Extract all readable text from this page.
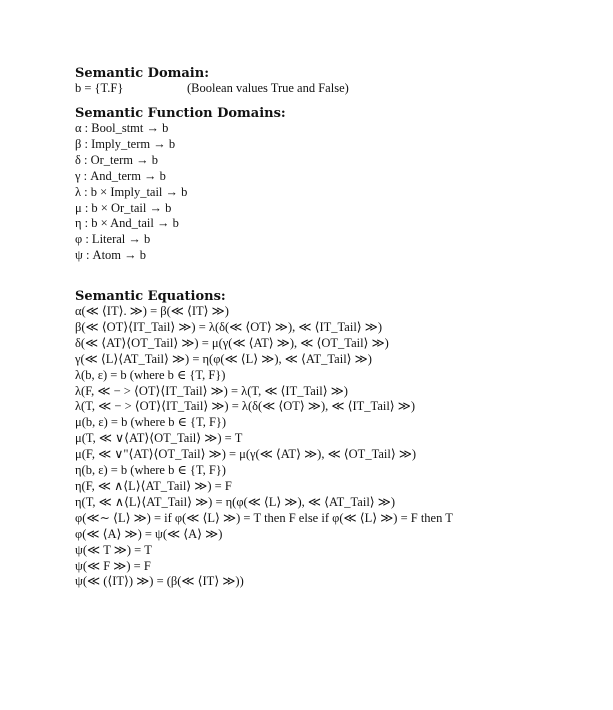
Semantic Domain:
b = {T.F}	(Boolean values True and False)
Semantic Function Domains:
α : Bool_stmt → b
β : Imply_term → b
δ : Or_term → b
γ : And_term → b
λ : b × Imply_tail → b
μ : b × Or_tail → b
η : b × And_tail → b
φ : Literal → b
ψ : Atom → b
Semantic Equations:
α(≪ ⟨IT⟩. ≫) = β(≪ ⟨IT⟩ ≫)
β(≪ ⟨OT⟩⟨IT_Tail⟩ ≫) = λ(δ(≪ ⟨OT⟩ ≫), ≪ ⟨IT_Tail⟩ ≫)
δ(≪ ⟨AT⟩⟨OT_Tail⟩ ≫) = μ(γ(≪ ⟨AT⟩ ≫), ≪ ⟨OT_Tail⟩ ≫)
γ(≪ ⟨L⟩⟨AT_Tail⟩ ≫) = η(φ(≪ ⟨L⟩ ≫), ≪ ⟨AT_Tail⟩ ≫)
λ(b, ε) = b (where b ∈ {T, F})
λ(F, ≪ − > ⟨OT⟩⟨IT_Tail⟩ ≫) = λ(T, ≪ ⟨IT_Tail⟩ ≫)
λ(T, ≪ − > ⟨OT⟩⟨IT_Tail⟩ ≫) = λ(δ(≪ ⟨OT⟩ ≫), ≪ ⟨IT_Tail⟩ ≫)
μ(b, ε) = b (where b ∈ {T, F})
μ(T, ≪ ∨⟨AT⟩⟨OT_Tail⟩ ≫) = T
μ(F, ≪ ∨"⟨AT⟩⟨OT_Tail⟩ ≫) = μ(γ(≪ ⟨AT⟩ ≫), ≪ ⟨OT_Tail⟩ ≫)
η(b, ε) = b (where b ∈ {T, F})
η(F, ≪ ∧⟨L⟩⟨AT_Tail⟩ ≫) = F
η(T, ≪ ∧⟨L⟩⟨AT_Tail⟩ ≫) = η(φ(≪ ⟨L⟩ ≫), ≪ ⟨AT_Tail⟩ ≫)
φ(≪∼ ⟨L⟩ ≫) = if φ(≪ ⟨L⟩ ≫) = T then F else if φ(≪ ⟨L⟩ ≫) = F then T
φ(≪ ⟨A⟩ ≫) = ψ(≪ ⟨A⟩ ≫)
ψ(≪ T ≫) = T
ψ(≪ F ≫) = F
ψ(≪ (⟨IT⟩) ≫) = (β(≪ ⟨IT⟩ ≫))
